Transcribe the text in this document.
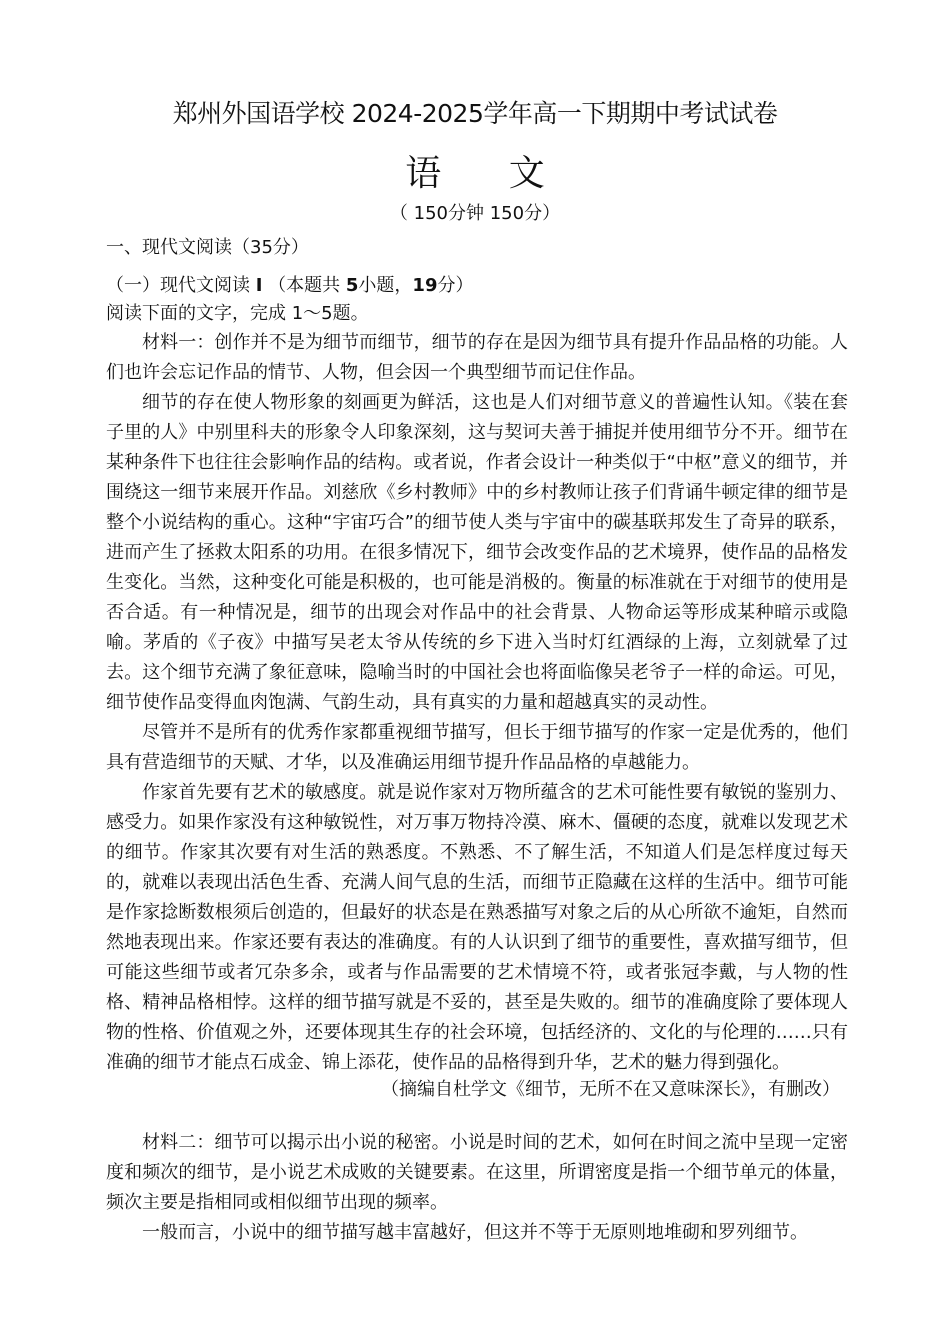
郑州外国语学校 2024-2025学年高一下期期中考试试卷
语 文
（ 150分钟 150分）
一、现代文阅读（35分）
（一）现代文阅读 I （本题共 5小题，19分）
阅读下面的文字，完成 1～5题。

材料一：创作并不是为细节而细节，细节的存在是因为细节具有提升作品品格的功能。人们也许会忘记作品的情节、人物，但会因一个典型细节而记住作品。

细节的存在使人物形象的刻画更为鲜活，这也是人们对细节意义的普遍性认知。《装在套子里的人》中别里科夫的形象令人印象深刻，这与契诃夫善于捕捉并使用细节分不开。细节在某种条件下也往往会影响作品的结构。或者说，作者会设计一种类似于“中枢”意义的细节，并围绕这一细节来展开作品。刘慈欣《乡村教师》中的乡村教师让孩子们背诵牛顿定律的细节是整个小说结构的重心。这种“宇宙巧合”的细节使人类与宇宙中的碳基联邦发生了奇异的联系，进而产生了拯救太阳系的功用。在很多情况下，细节会改变作品的艺术境界，使作品的品格发生变化。当然，这种变化可能是积极的，也可能是消极的。衡量的标准就在于对细节的使用是否合适。有一种情况是，细节的出现会对作品中的社会背景、人物命运等形成某种暗示或隐喻。茅盾的《子夜》中描写吴老太爷从传统的乡下进入当时灯红酒绿的上海，立刻就晕了过去。这个细节充满了象征意味，隐喻当时的中国社会也将面临像吴老爷子一样的命运。可见，细节使作品变得血肉饱满、气韵生动，具有真实的力量和超越真实的灵动性。

尽管并不是所有的优秀作家都重视细节描写，但长于细节描写的作家一定是优秀的，他们具有营造细节的天赋、才华，以及准确运用细节提升作品品格的卓越能力。

作家首先要有艺术的敏感度。就是说作家对万物所蕴含的艺术可能性要有敏锐的鉴别力、感受力。如果作家没有这种敏锐性，对万事万物持冷漠、麻木、僵硬的态度，就难以发现艺术的细节。作家其次要有对生活的熟悉度。不熟悉、不了解生活，不知道人们是怎样度过每天的，就难以表现出活色生香、充满人间气息的生活，而细节正隐藏在这样的生活中。细节可能是作家捻断数根须后创造的，但最好的状态是在熟悉描写对象之后的从心所欲不逾矩，自然而然地表现出来。作家还要有表达的准确度。有的人认识到了细节的重要性，喜欢描写细节，但可能这些细节或者冗杂多余，或者与作品需要的艺术情境不符，或者张冠李戴，与人物的性格、精神品格相悖。这样的细节描写就是不妥的，甚至是失败的。细节的准确度除了要体现人物的性格、价值观之外，还要体现其生存的社会环境，包括经济的、文化的与伦理的……只有准确的细节才能点石成金、锦上添花，使作品的品格得到升华，艺术的魅力得到强化。

（摘编自杜学文《细节，无所不在又意味深长》，有删改）

材料二：细节可以揭示出小说的秘密。小说是时间的艺术，如何在时间之流中呈现一定密度和频次的细节，是小说艺术成败的关键要素。在这里，所谓密度是指一个细节单元的体量，频次主要是指相同或相似细节出现的频率。

一般而言，小说中的细节描写越丰富越好，但这并不等于无原则地堆砌和罗列细节。
